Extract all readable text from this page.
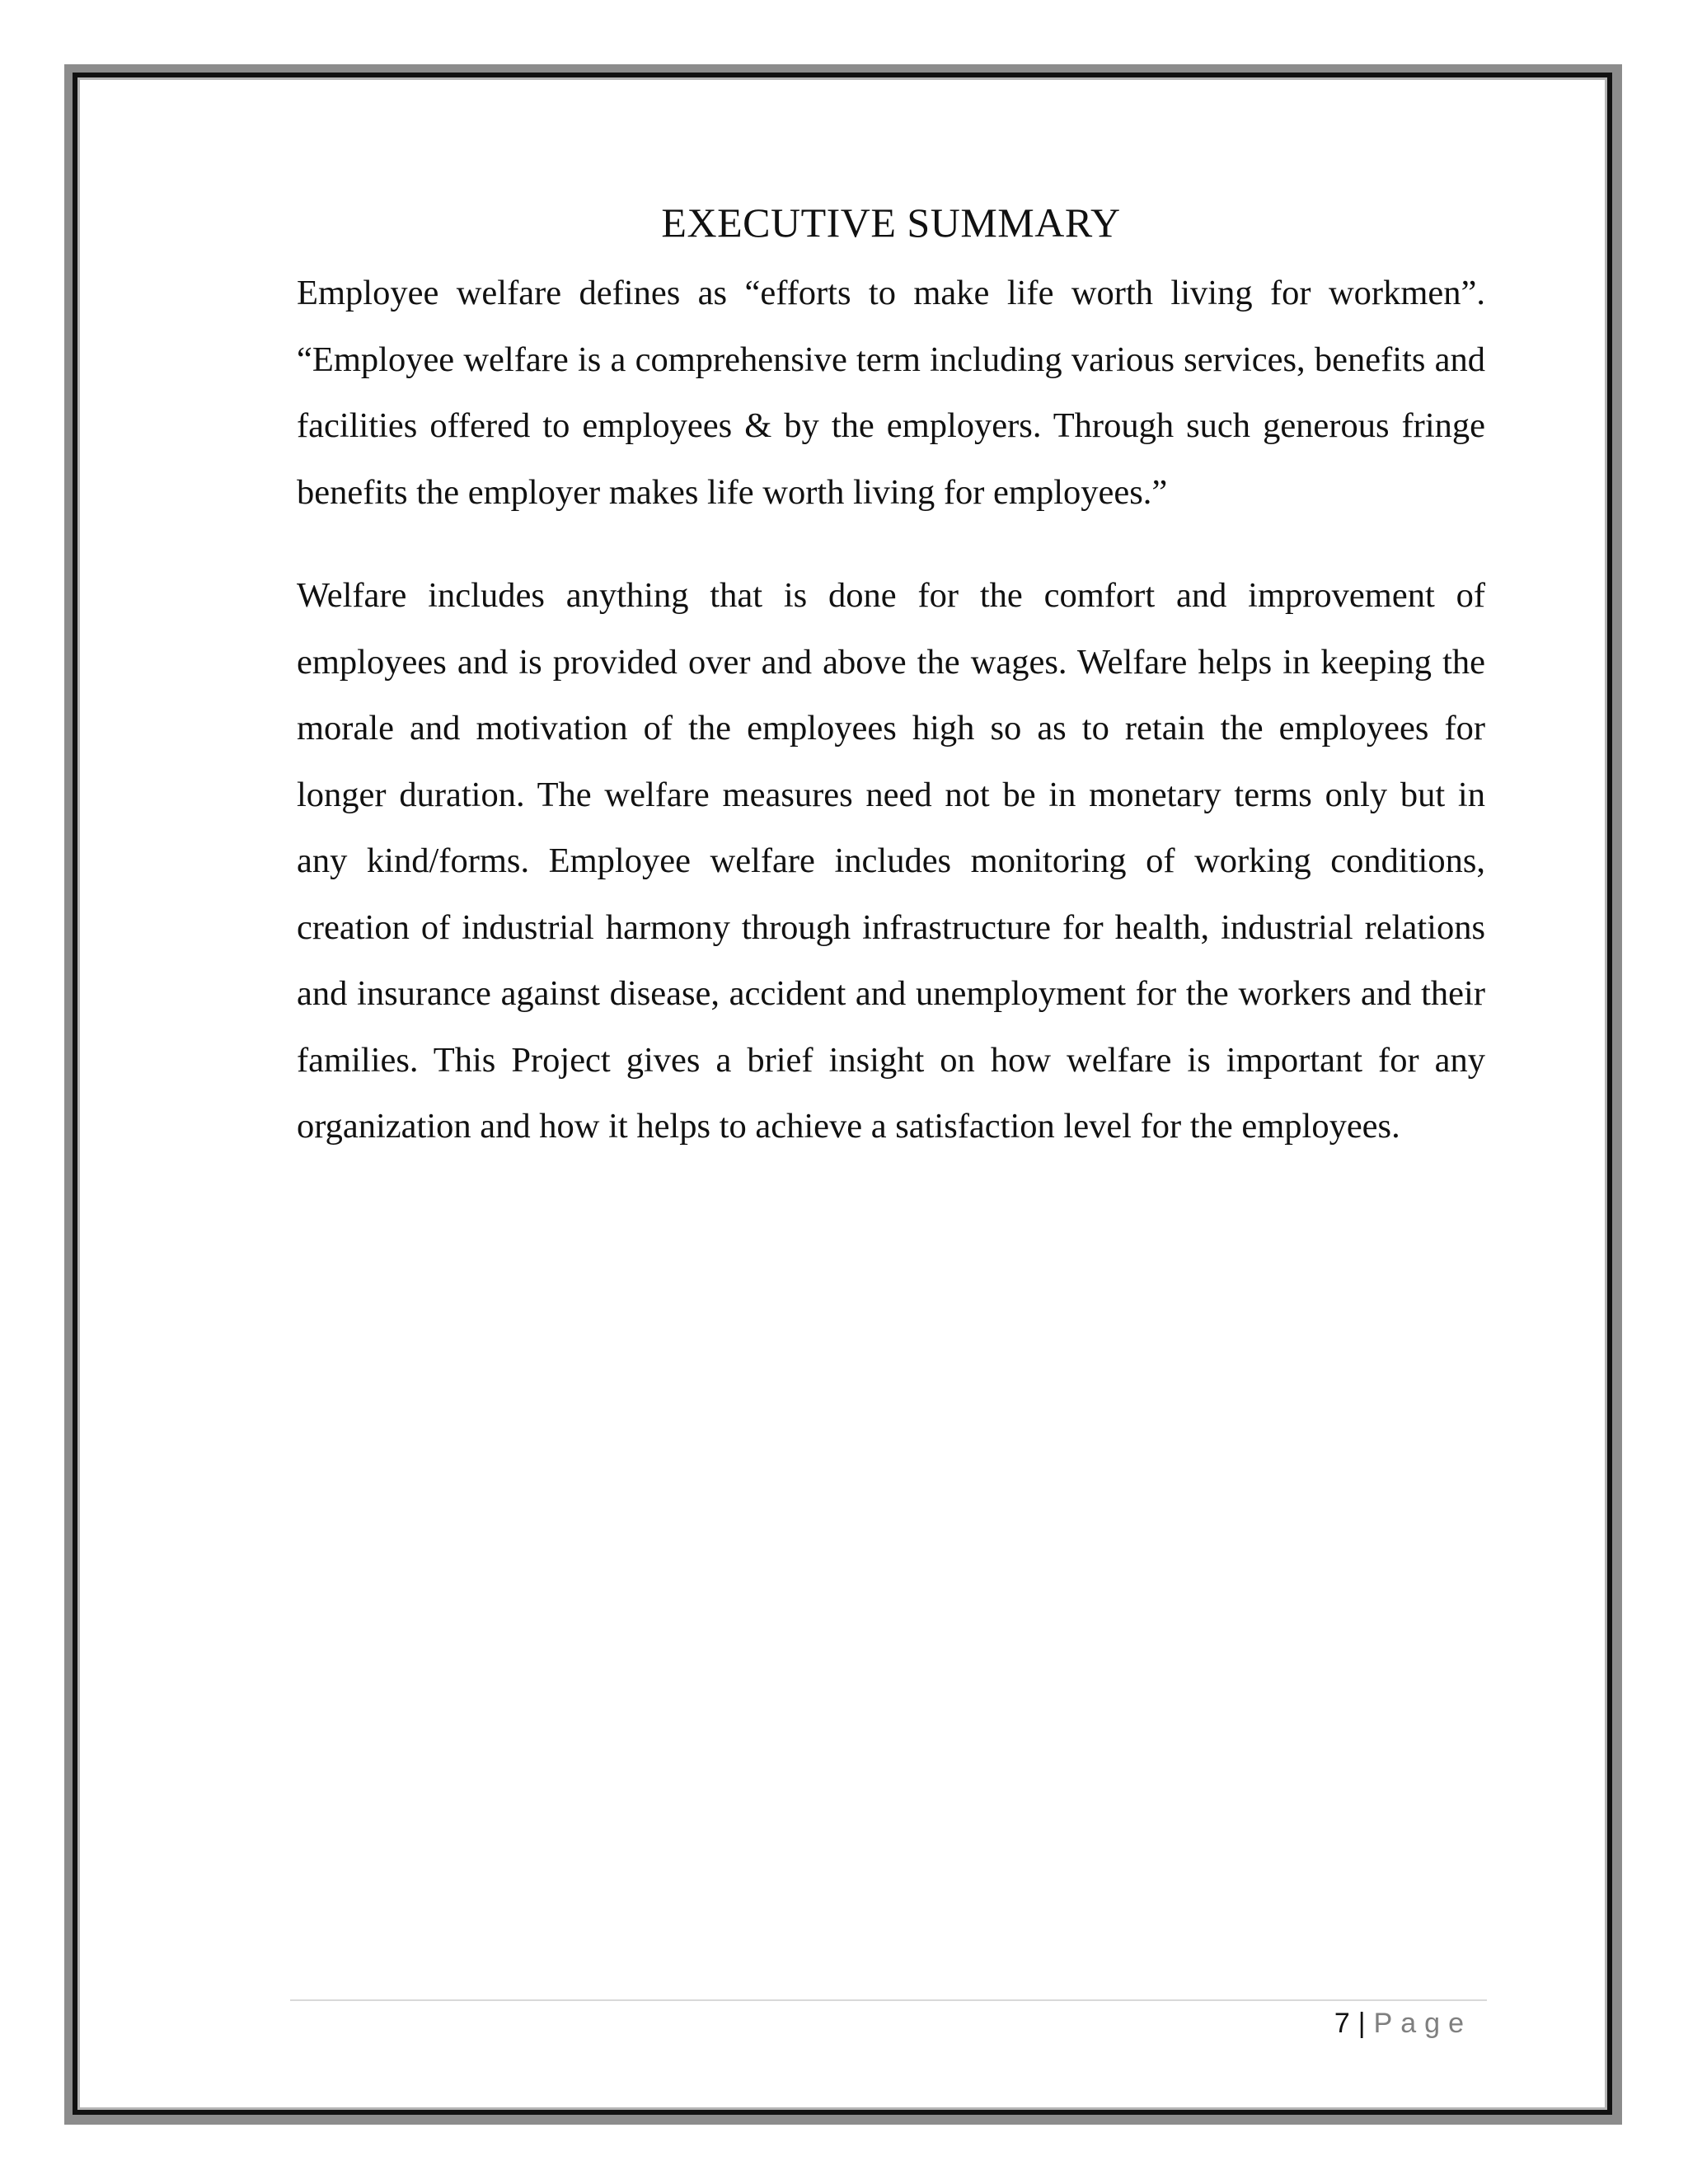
EXECUTIVE SUMMARY

Employee welfare defines as “efforts to make life worth living for workmen”. “Employee welfare is a comprehensive term including various services, benefits and facilities offered to employees & by the employers. Through such generous fringe benefits the employer makes life worth living for employees.”

Welfare includes anything that is done for the comfort and improvement of employees and is provided over and above the wages. Welfare helps in keeping the morale and motivation of the employees high so as to retain the employees for longer duration. The welfare measures need not be in monetary terms only but in any kind/forms. Employee welfare includes monitoring of working conditions, creation of industrial harmony through infrastructure for health, industrial relations and insurance against disease, accident and unemployment for the workers and their families. This Project gives a brief insight on how welfare is important for any organization and how it helps to achieve a satisfaction level for the employees.

7 | Page
